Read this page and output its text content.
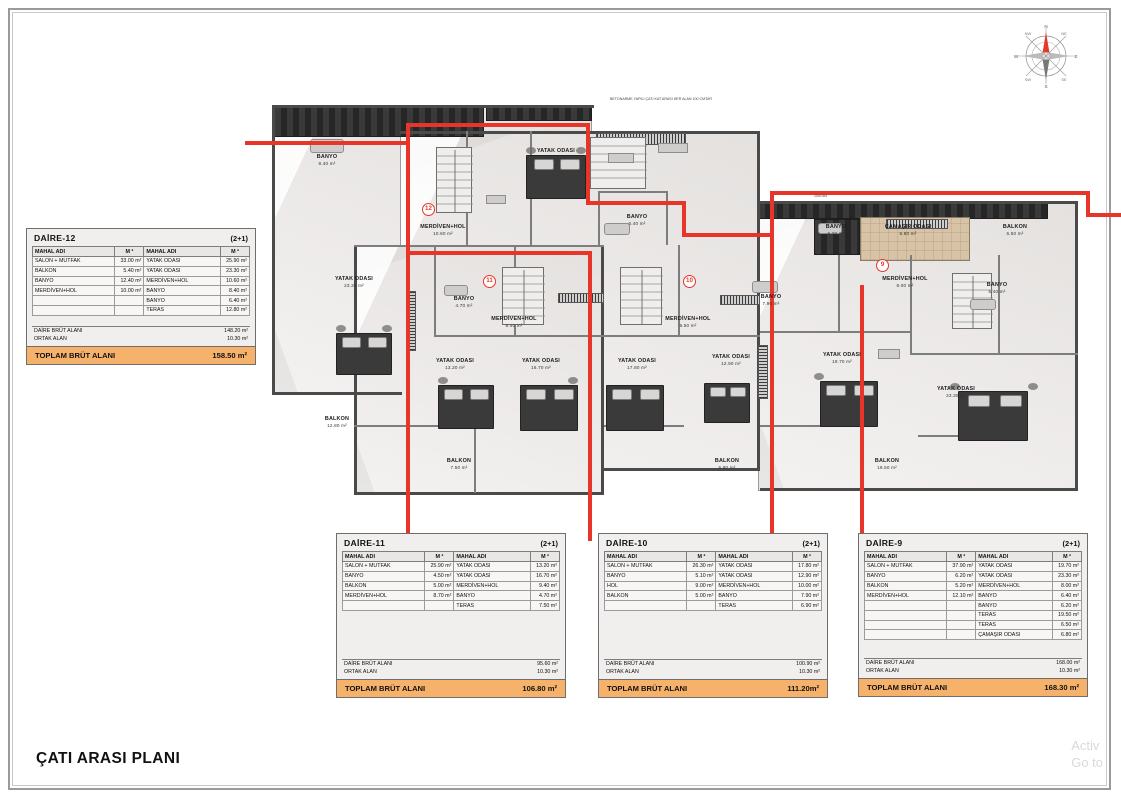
N
S
E
W
NE
NW
SE
SW
12
11	10
9
BANYO
8.40 m²
YATAK ODASI
25.90 m²
MERDİVEN+HOL
10.60 m²
BANYO
6.40 m²
YATAK ODASI
23.30 m²
BANYO
4.70 m²
MERDİVEN+HOL
9.40 m²
MERDİVEN+HOL
9.50 m²
BANYO
7.90 m²
BANYO
6.20 m²
ÇAMAŞIR ODASI
6.80 m²
BALKON
6.50 m²
MERDİVEN+HOL
8.00 m²	BANYO
6.40 m²
YATAK ODASI
13.20 m²
YATAK ODASI
16.70 m²
YATAK ODASI
17.80 m²
YATAK ODASI
12.90 m²
YATAK ODASI
19.70 m²
YATAK ODASI
23.30 m²
BALKON
12.80 m²
BALKON
7.50 m²
BALKON
6.90 m²
BALKON
19.50 m²
BETONARME YAPILI ÇATI KAT ARASI HER ALAN 100 CM'DİR
255/165
DAİRE-12	(2+1)
MAHAL ADI	M ²	MAHAL ADI	M ²
SALON + MUTFAK	33.00 m²	YATAK ODASI	25.90 m²
BALKON	5.40 m²	YATAK ODASI	23.30 m²
BANYO	12.40 m²	MERDİVEN+HOL	10.60 m²
MERDİVEN+HOL	10.00 m²	BANYO	8.40 m²
		BANYO	6.40 m²
		TERAS	12.80 m²
DAİRE BRÜT ALANI	148.20 m²
ORTAK ALAN	10.30 m²
TOPLAM BRÜT ALANI	158.50 m²
DAİRE-11	(2+1)
MAHAL ADI	M ²	MAHAL ADI	M ²
SALON + MUTFAK	25.90 m²	YATAK ODASI	13.20 m²
BANYO	4.50 m²	YATAK ODASI	16.70 m²
BALKON	5.00 m²	MERDİVEN+HOL	9.40 m²
MERDİVEN+HOL	8.70 m²	BANYO	4.70 m²
		TERAS	7.50 m²
DAİRE BRÜT ALANI	95.60 m²
ORTAK ALAN	10.30 m²
TOPLAM BRÜT ALANI	106.80 m²
DAİRE-10	(2+1)
MAHAL ADI	M ²	MAHAL ADI	M ²
SALON + MUTFAK	26.30 m²	YATAK ODASI	17.80 m²
BANYO	5.10 m²	YATAK ODASI	12.90 m²
HOL	9.00 m²	MERDİVEN+HOL	10.00 m²
BALKON	5.00 m²	BANYO	7.90 m²
		TERAS	6.90 m²
DAİRE BRÜT ALANI	100.90 m²
ORTAK ALAN	10.30 m²
TOPLAM BRÜT ALANI	111.20m²
DAİRE-9	(2+1)
MAHAL ADI	M ²	MAHAL ADI	M ²
SALON + MUTFAK	37.90 m²	YATAK ODASI	19.70 m²
BANYO	6.20 m²	YATAK ODASI	23.30 m²
BALKON	5.20 m²	MERDİVEN+HOL	8.00 m²
MERDİVEN+HOL	12.10 m²	BANYO	6.40 m²
		BANYO	6.20 m²
		TERAS	19.50 m²
		TERAS	6.50 m²
		ÇAMAŞIR ODASI	6.80 m²
DAİRE BRÜT ALANI	168.00 m²
ORTAK ALAN	10.30 m²
TOPLAM BRÜT ALANI	168.30 m²
ÇATI ARASI PLANI
Activ
Go to
